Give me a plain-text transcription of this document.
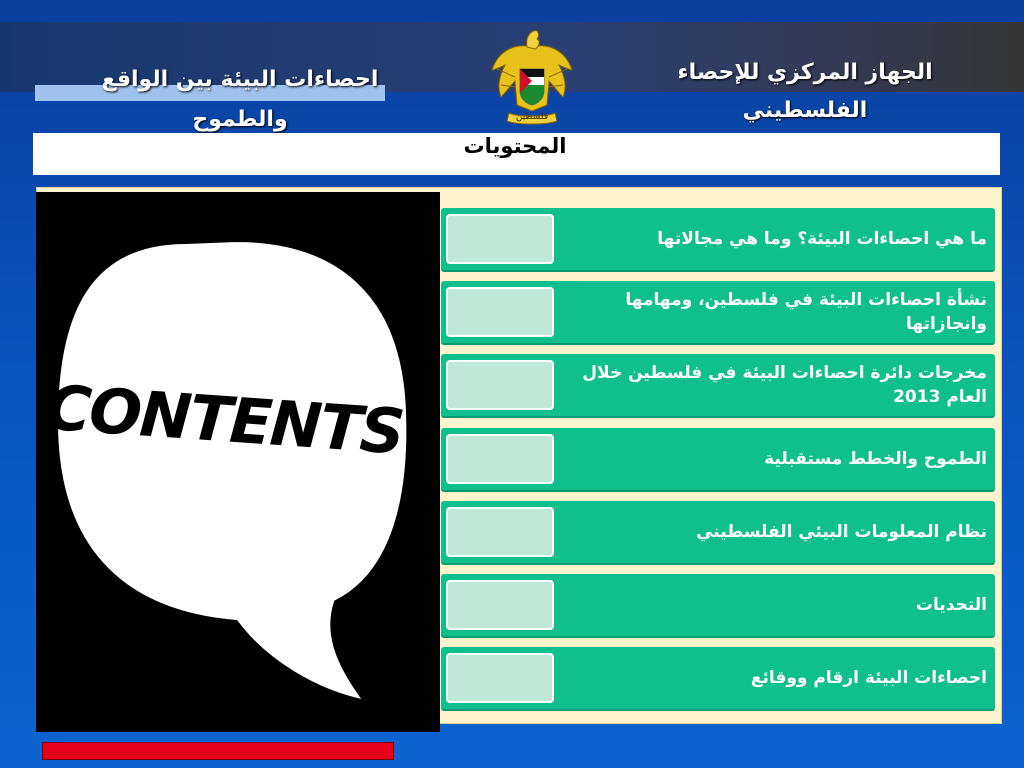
الجهاز المركزي للإحصاء الفلسطيني
احصاءات البيئة بين الواقع والطموح	فلسطين
المحتويات
CONTENTS!
ما هي احصاءات البيئة؟ وما هي مجالاتها
نشأة احصاءات البيئة في فلسطين، ومهامها وانجازاتها
مخرجات دائرة احصاءات البيئة في فلسطين خلال العام 2013
الطموح والخطط مستقبلية
نظام المعلومات البيئي الفلسطيني
التحديات
احصاءات البيئة ارقام ووقائع
